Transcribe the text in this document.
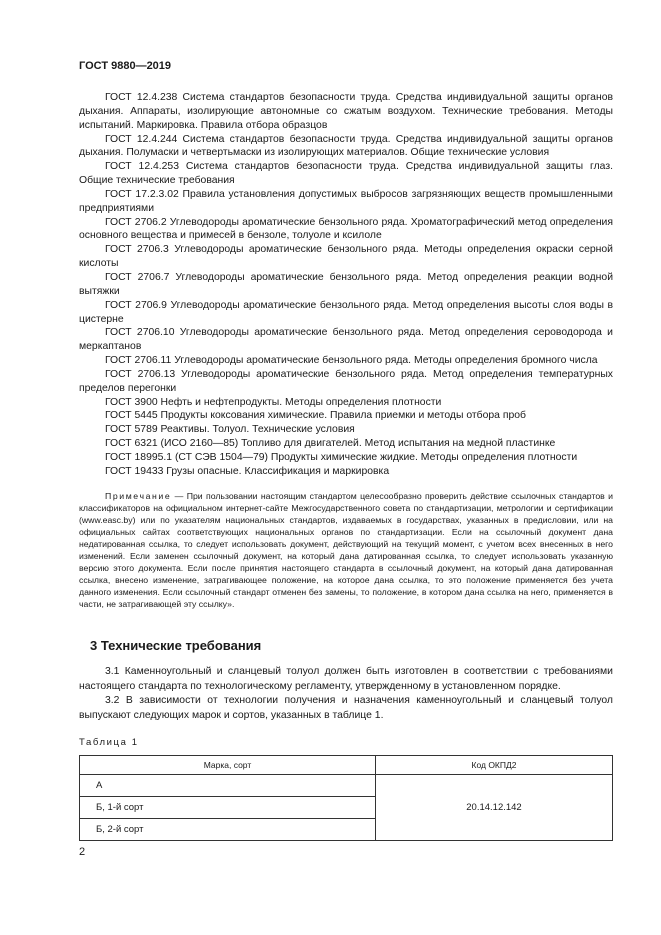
ГОСТ 9880—2019

ГОСТ 12.4.238 Система стандартов безопасности труда. Средства индивидуальной защиты органов дыхания. Аппараты, изолирующие автономные со сжатым воздухом. Технические требования. Методы испытаний. Маркировка. Правила отбора образцов

ГОСТ 12.4.244 Система стандартов безопасности труда. Средства индивидуальной защиты органов дыхания. Полумаски и четвертьмаски из изолирующих материалов. Общие технические условия

ГОСТ 12.4.253 Система стандартов безопасности труда. Средства индивидуальной защиты глаз. Общие технические требования

ГОСТ 17.2.3.02 Правила установления допустимых выбросов загрязняющих веществ промышленными предприятиями

ГОСТ 2706.2 Углеводороды ароматические бензольного ряда. Хроматографический метод определения основного вещества и примесей в бензоле, толуоле и ксилоле

ГОСТ 2706.3 Углеводороды ароматические бензольного ряда. Методы определения окраски серной кислоты

ГОСТ 2706.7 Углеводороды ароматические бензольного ряда. Метод определения реакции водной вытяжки

ГОСТ 2706.9 Углеводороды ароматические бензольного ряда. Метод определения высоты слоя воды в цистерне

ГОСТ 2706.10 Углеводороды ароматические бензольного ряда. Метод определения сероводорода и меркаптанов

ГОСТ 2706.11 Углеводороды ароматические бензольного ряда. Методы определения бромного числа

ГОСТ 2706.13 Углеводороды ароматические бензольного ряда. Метод определения температурных пределов перегонки

ГОСТ 3900 Нефть и нефтепродукты. Методы определения плотности

ГОСТ 5445 Продукты коксования химические. Правила приемки и методы отбора проб

ГОСТ 5789 Реактивы. Толуол. Технические условия

ГОСТ 6321 (ИСО 2160—85) Топливо для двигателей. Метод испытания на медной пластинке

ГОСТ 18995.1 (СТ СЭВ 1504—79) Продукты химические жидкие. Методы определения плотности

ГОСТ 19433 Грузы опасные. Классификация и маркировка

Примечание — При пользовании настоящим стандартом целесообразно проверить действие ссылочных стандартов и классификаторов на официальном интернет-сайте Межгосударственного совета по стандартизации, метрологии и сертификации (www.easc.by) или по указателям национальных стандартов, издаваемых в государствах, указанных в предисловии, или на официальных сайтах соответствующих национальных органов по стандартизации. Если на ссылочный документ дана недатированная ссылка, то следует использовать документ, действующий на текущий момент, с учетом всех внесенных в него изменений. Если заменен ссылочный документ, на который дана датированная ссылка, то следует использовать указанную версию этого документа. Если после принятия настоящего стандарта в ссылочный документ, на который дана датированная ссылка, внесено изменение, затрагивающее положение, на которое дана ссылка, то это положение применяется без учета данного изменения. Если ссылочный стандарт отменен без замены, то положение, в котором дана ссылка на него, применяется в части, не затрагивающей эту ссылку».

3 Технические требования

3.1 Каменноугольный и сланцевый толуол должен быть изготовлен в соответствии с требованиями настоящего стандарта по технологическому регламенту, утвержденному в установленном порядке.

3.2 В зависимости от технологии получения и назначения каменноугольный и сланцевый толуол выпускают следующих марок и сортов, указанных в таблице 1.

Таблица 1
Марка, сорт	Код ОКПД2
А	20.14.12.142
Б, 1-й сорт	
Б, 2-й сорт	
2
